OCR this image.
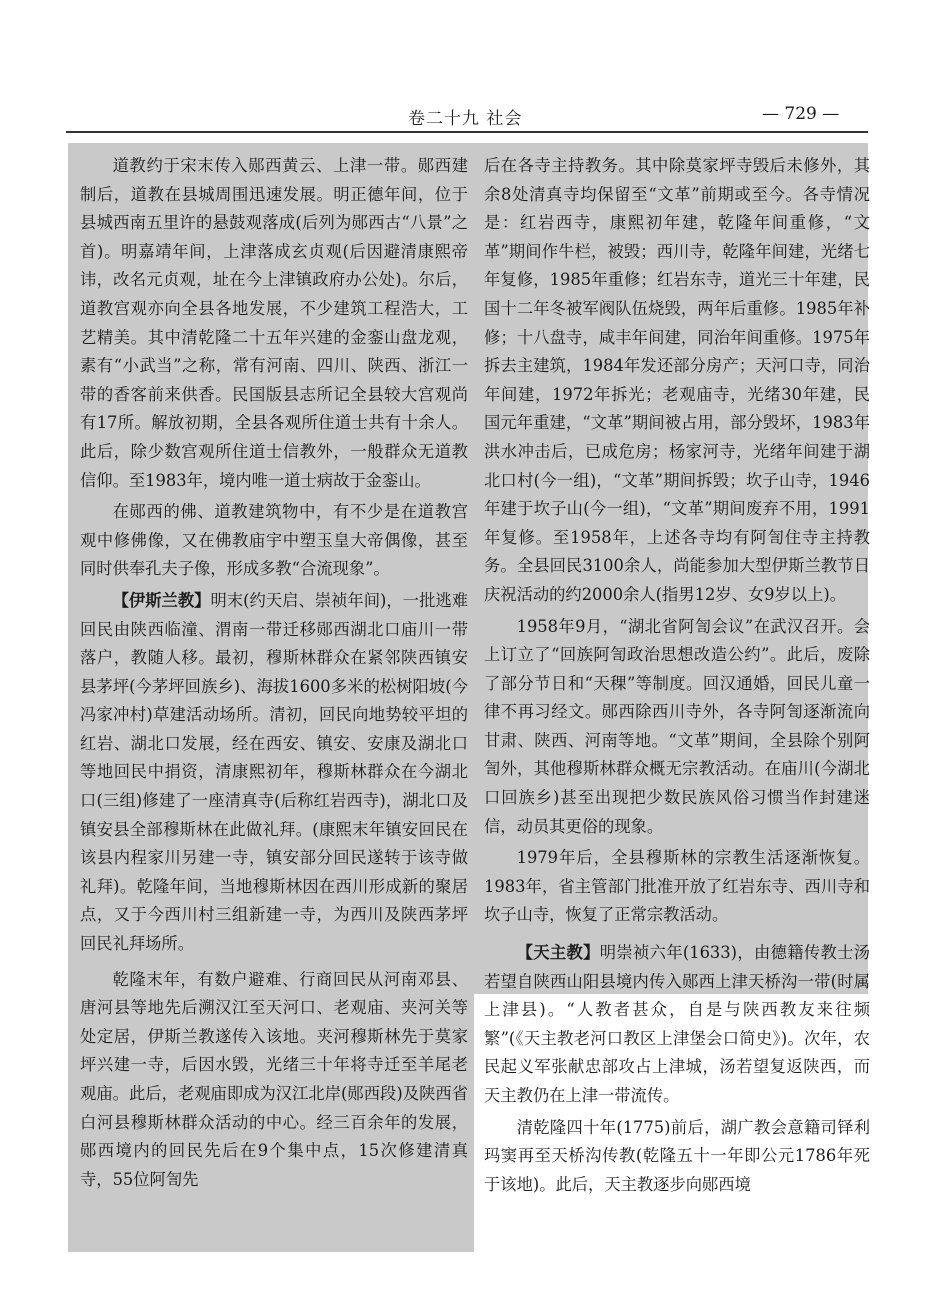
卷二十九 社会	— 729 —

道教约于宋末传入郧西黄云、上津一带。郧西建制后，道教在县城周围迅速发展。明正德年间，位于县城西南五里许的悬鼓观落成(后列为郧西古“八景”之首)。明嘉靖年间，上津落成玄贞观(后因避清康熙帝讳，改名元贞观，址在今上津镇政府办公处)。尔后，道教宫观亦向全县各地发展，不少建筑工程浩大，工艺精美。其中清乾隆二十五年兴建的金銮山盘龙观，素有“小武当”之称，常有河南、四川、陕西、浙江一带的香客前来供香。民国版县志所记全县较大宫观尚有17所。解放初期，全县各观所住道士共有十余人。此后，除少数宫观所住道士信教外，一般群众无道教信仰。至1983年，境内唯一道士病故于金銮山。

在郧西的佛、道教建筑物中，有不少是在道教宫观中修佛像，又在佛教庙宇中塑玉皇大帝偶像，甚至同时供奉孔夫子像，形成多教“合流现象”。

【伊斯兰教】明末(约天启、崇祯年间)，一批逃难回民由陕西临潼、渭南一带迁移郧西湖北口庙川一带落户，教随人移。最初，穆斯林群众在紧邻陕西镇安县茅坪(今茅坪回族乡)、海拔1600多米的松树阳坡(今冯家冲村)草建活动场所。清初，回民向地势较平坦的红岩、湖北口发展，经在西安、镇安、安康及湖北口等地回民中捐资，清康熙初年，穆斯林群众在今湖北口(三组)修建了一座清真寺(后称红岩西寺)，湖北口及镇安县全部穆斯林在此做礼拜。(康熙末年镇安回民在该县内程家川另建一寺，镇安部分回民遂转于该寺做礼拜)。乾隆年间，当地穆斯林因在西川形成新的聚居点，又于今西川村三组新建一寺，为西川及陕西茅坪回民礼拜场所。

乾隆末年，有数户避难、行商回民从河南邓县、唐河县等地先后溯汉江至天河口、老观庙、夹河关等处定居，伊斯兰教遂传入该地。夹河穆斯林先于莫家坪兴建一寺，后因水毁，光绪三十年将寺迁至羊尾老观庙。此后，老观庙即成为汉江北岸(郧西段)及陕西省白河县穆斯林群众活动的中心。经三百余年的发展，郧西境内的回民先后在9个集中点，15次修建清真寺，55位阿訇先

后在各寺主持教务。其中除莫家坪寺毁后未修外，其余8处清真寺均保留至“文革”前期或至今。各寺情况是：红岩西寺，康熙初年建，乾隆年间重修，“文革”期间作牛栏，被毁；西川寺，乾隆年间建，光绪七年复修，1985年重修；红岩东寺，道光三十年建，民国十二年冬被军阀队伍烧毁，两年后重修。1985年补修；十八盘寺，咸丰年间建，同治年间重修。1975年拆去主建筑，1984年发还部分房产；天河口寺，同治年间建，1972年拆光；老观庙寺，光绪30年建，民国元年重建，“文革”期间被占用，部分毁坏，1983年洪水冲击后，已成危房；杨家河寺，光绪年间建于湖北口村(今一组)，“文革”期间拆毁；坎子山寺，1946年建于坎子山(今一组)，“文革”期间废弃不用，1991年复修。至1958年，上述各寺均有阿訇住寺主持教务。全县回民3100余人，尚能参加大型伊斯兰教节日庆祝活动的约2000余人(指男12岁、女9岁以上)。

1958年9月，“湖北省阿訇会议”在武汉召开。会上订立了“回族阿訇政治思想改造公约”。此后，废除了部分节日和“天稞”等制度。回汉通婚，回民儿童一律不再习经文。郧西除西川寺外，各寺阿訇逐渐流向甘肃、陕西、河南等地。“文革”期间，全县除个别阿訇外，其他穆斯林群众概无宗教活动。在庙川(今湖北口回族乡)甚至出现把少数民族风俗习惯当作封建迷信，动员其更俗的现象。

1979年后，全县穆斯林的宗教生活逐渐恢复。1983年，省主管部门批准开放了红岩东寺、西川寺和坎子山寺，恢复了正常宗教活动。

【天主教】明崇祯六年(1633)，由德籍传教士汤若望自陕西山阳县境内传入郧西上津天桥沟一带(时属上津县)。“人教者甚众，自是与陕西教友来往频繁”(《天主教老河口教区上津堡会口简史》)。次年，农民起义军张献忠部攻占上津城，汤若望复返陕西，而天主教仍在上津一带流传。

清乾隆四十年(1775)前后，湖广教会意籍司铎利玛窦再至天桥沟传教(乾隆五十一年即公元1786年死于该地)。此后，天主教逐步向郧西境
